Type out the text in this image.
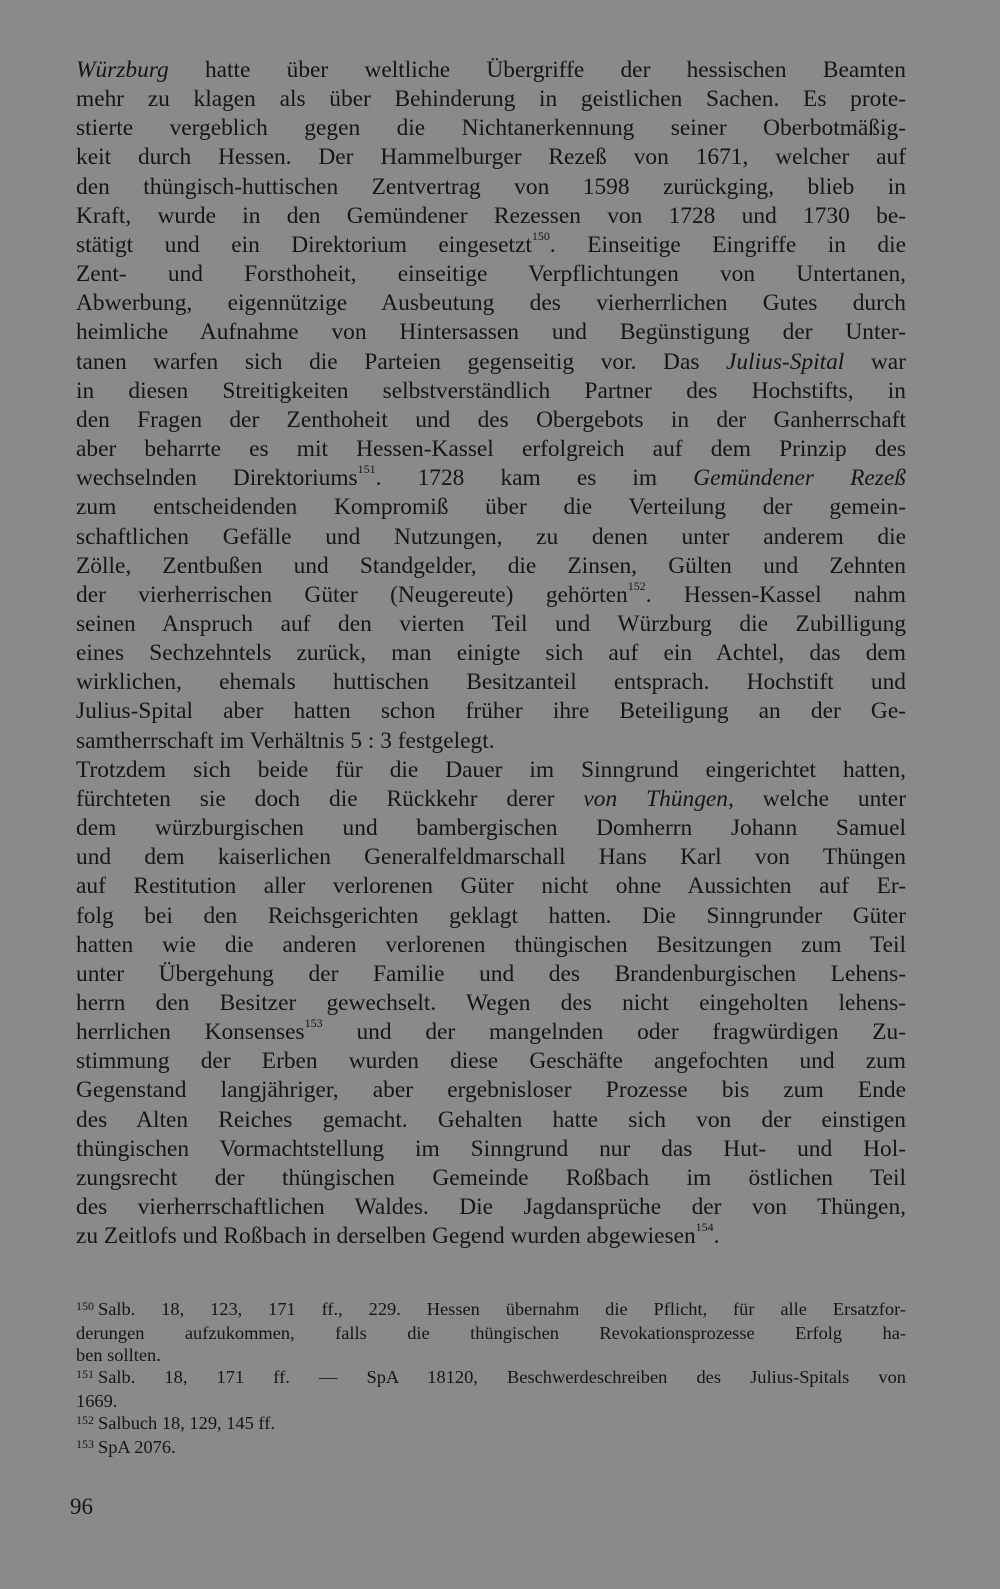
Würzburg hatte über weltliche Übergriffe der hessischen Beamten
mehr zu klagen als über Behinderung in geistlichen Sachen. Es prote-
stierte vergeblich gegen die Nichtanerkennung seiner Oberbotmäßig-
keit durch Hessen. Der Hammelburger Rezeß von 1671, welcher auf
den thüngisch-huttischen Zentvertrag von 1598 zurückging, blieb in
Kraft, wurde in den Gemündener Rezessen von 1728 und 1730 be-
stätigt und ein Direktorium eingesetzt$^{150}$. Einseitige Eingriffe in die
Zent- und Forsthoheit, einseitige Verpflichtungen von Untertanen,
Abwerbung, eigennützige Ausbeutung des vierherrlichen Gutes durch
heimliche Aufnahme von Hintersassen und Begünstigung der Unter-
tanen warfen sich die Parteien gegenseitig vor. Das Julius-Spital war
in diesen Streitigkeiten selbstverständlich Partner des Hochstifts, in
den Fragen der Zenthoheit und des Obergebots in der Ganherrschaft
aber beharrte es mit Hessen-Kassel erfolgreich auf dem Prinzip des
wechselnden Direktoriums$^{151}$. 1728 kam es im Gemündener Rezeß
zum entscheidenden Kompromiß über die Verteilung der gemein-
schaftlichen Gefälle und Nutzungen, zu denen unter anderem die
Zölle, Zentbußen und Standgelder, die Zinsen, Gülten und Zehnten
der vierherrischen Güter (Neugereute) gehörten$^{152}$. Hessen-Kassel nahm
seinen Anspruch auf den vierten Teil und Würzburg die Zubilligung
eines Sechzehntels zurück, man einigte sich auf ein Achtel, das dem
wirklichen, ehemals huttischen Besitzanteil entsprach. Hochstift und
Julius-Spital aber hatten schon früher ihre Beteiligung an der Ge-
samtherrschaft im Verhältnis 5 : 3 festgelegt.
Trotzdem sich beide für die Dauer im Sinngrund eingerichtet hatten,
fürchteten sie doch die Rückkehr derer von Thüngen, welche unter
dem würzburgischen und bambergischen Domherrn Johann Samuel
und dem kaiserlichen Generalfeldmarschall Hans Karl von Thüngen
auf Restitution aller verlorenen Güter nicht ohne Aussichten auf Er-
folg bei den Reichsgerichten geklagt hatten. Die Sinngrunder Güter
hatten wie die anderen verlorenen thüngischen Besitzungen zum Teil
unter Übergehung der Familie und des Brandenburgischen Lehens-
herrn den Besitzer gewechselt. Wegen des nicht eingeholten lehens-
herrlichen Konsenses$^{153}$ und der mangelnden oder fragwürdigen Zu-
stimmung der Erben wurden diese Geschäfte angefochten und zum
Gegenstand langjähriger, aber ergebnisloser Prozesse bis zum Ende
des Alten Reiches gemacht. Gehalten hatte sich von der einstigen
thüngischen Vormachtstellung im Sinngrund nur das Hut- und Hol-
zungsrecht der thüngischen Gemeinde Roßbach im östlichen Teil
des vierherrschaftlichen Waldes. Die Jagdansprüche der von Thüngen,
zu Zeitlofs und Roßbach in derselben Gegend wurden abgewiesen$^{154}$.
$^{150}$ Salb. 18, 123, 171 ff., 229. Hessen übernahm die Pflicht, für alle Ersatzfor-
derungen aufzukommen, falls die thüngischen Revokationsprozesse Erfolg ha-
ben sollten.
$^{151}$ Salb. 18, 171 ff. — SpA 18120, Beschwerdeschreiben des Julius-Spitals von
1669.
$^{152}$ Salbuch 18, 129, 145 ff.
$^{153}$ SpA 2076.
96
